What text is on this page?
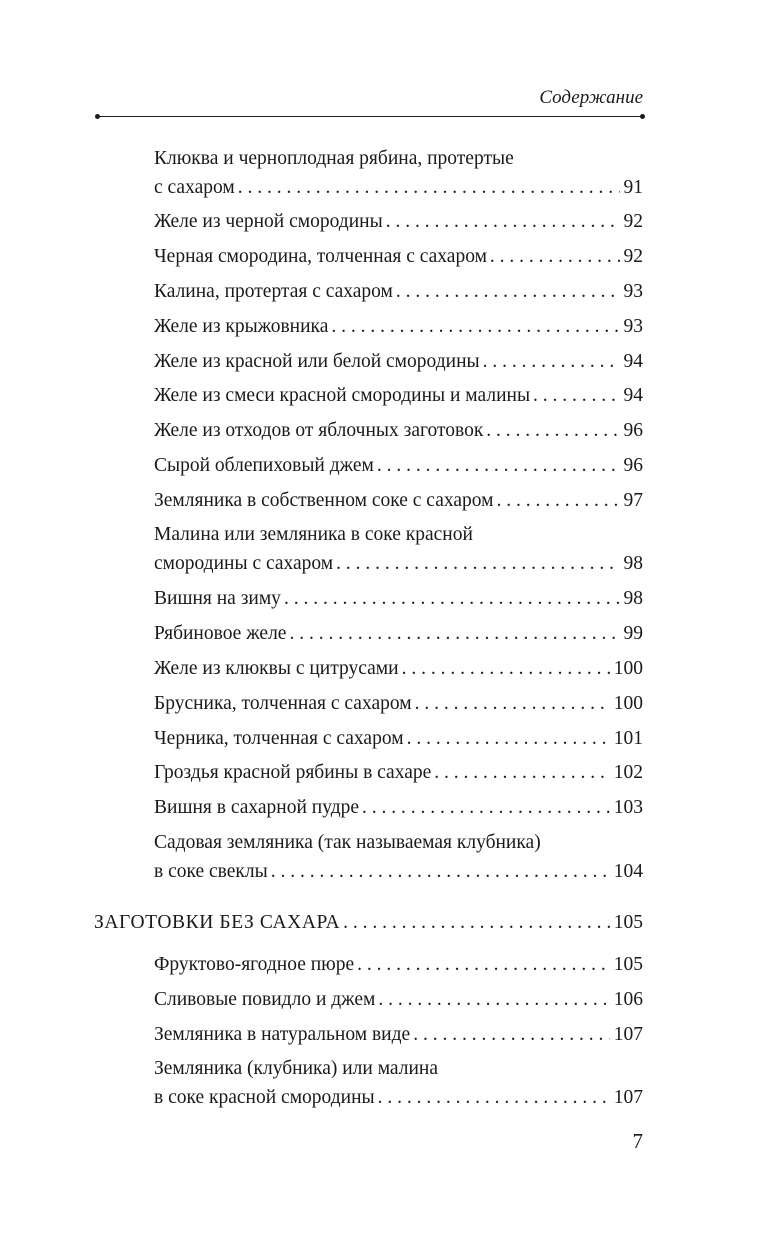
Содержание
Клюква и черноплодная рябина, протертые
с сахаром . . .	91
Желе из черной смородины . . .	92
Черная смородина, толченная с сахаром . . .	92
Калина, протертая с сахаром . . .	93
Желе из крыжовника . . .	93
Желе из красной или белой смородины . . .	94
Желе из смеси красной смородины и малины . . .	94
Желе из отходов от яблочных заготовок . . .	96
Сырой облепиховый джем . . .	96
Земляника в собственном соке с сахаром . . .	97
Малина или земляника в соке красной
смородины с сахаром . . .	98
Вишня на зиму . . .	98
Рябиновое желе . . .	99
Желе из клюквы с цитрусами . . .	100
Брусника, толченная с сахаром . . .	100
Черника, толченная с сахаром . . .	101
Гроздья красной рябины в сахаре . . .	102
Вишня в сахарной пудре . . .	103
Садовая земляника (так называемая клубника)
в соке свеклы . . .	104
ЗАГОТОВКИ БЕЗ САХАРА . . .	105
Фруктово-ягодное пюре . . .	105
Сливовые повидло и джем . . .	106
Земляника в натуральном виде . . .	107
Земляника (клубника) или малина
в соке красной смородины . . .	107
7
